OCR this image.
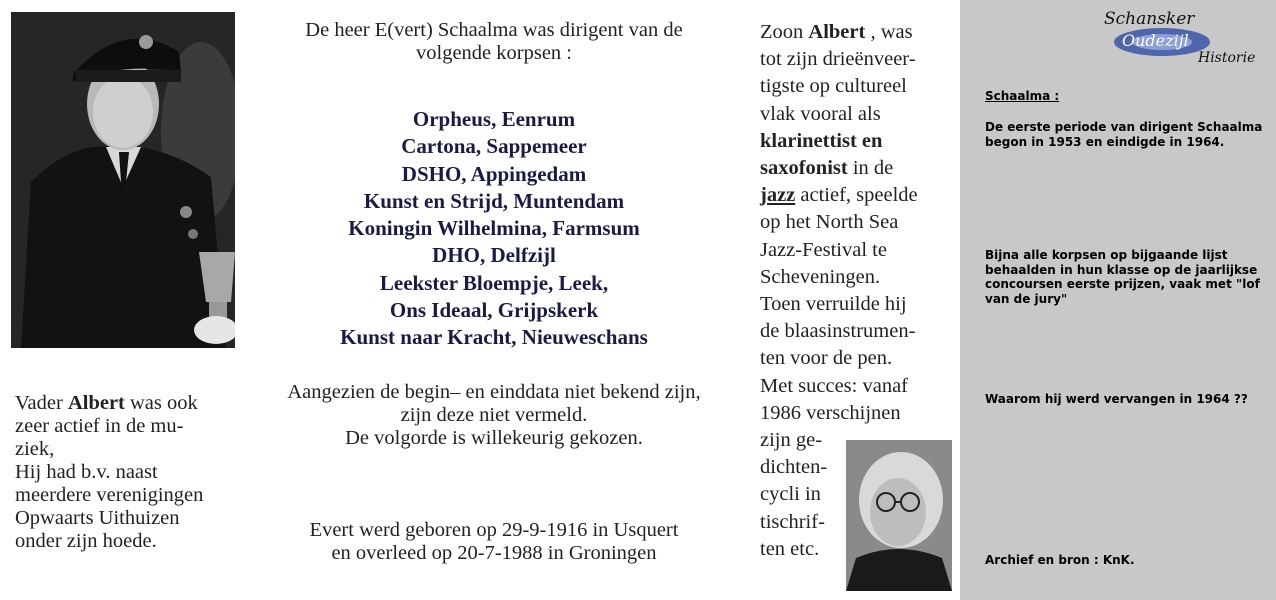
De heer E(vert) Schaalma was dirigent van de
volgende korpsen :
Orpheus, Eenrum
Cartona, Sappemeer
DSHO, Appingedam
Kunst en Strijd, Muntendam
Koningin Wilhelmina, Farmsum
DHO, Delfzijl
Leekster Bloempje, Leek,
Ons Ideaal, Grijpskerk
Kunst naar Kracht, Nieuweschans
Aangezien de begin– en einddata niet bekend zijn,
zijn deze niet vermeld.
De volgorde is willekeurig gekozen.
Evert werd geboren op 29-9-1916 in Usquert
en overleed op 20-7-1988 in Groningen
Vader Albert was ook
zeer actief in de mu-
ziek,
Hij had b.v. naast
meerdere verenigingen
Opwaarts Uithuizen
onder zijn hoede.
Zoon Albert , was
tot zijn drieënveer-
tigste op cultureel
vlak vooral als
klarinettist en
saxofonist in de
jazz actief, speelde
op het North Sea
Jazz-Festival te
Scheveningen.
Toen verruilde hij
de blaasinstrumen-
ten voor de pen.
Met succes: vanaf
1986 verschijnen
zijn ge-
dichten-
cycli in
tischrif-
ten etc.
Schansker
Oudezijl
Historie
Schaalma :
De eerste periode van dirigent Schaalma begon in 1953 en eindigde in 1964.
Bijna alle korpsen op bijgaande lijst behaalden in hun klasse op de jaarlijkse concoursen eerste prijzen, vaak met "lof van de jury"
Waarom hij werd vervangen in 1964 ??
Archief en bron : KnK.
